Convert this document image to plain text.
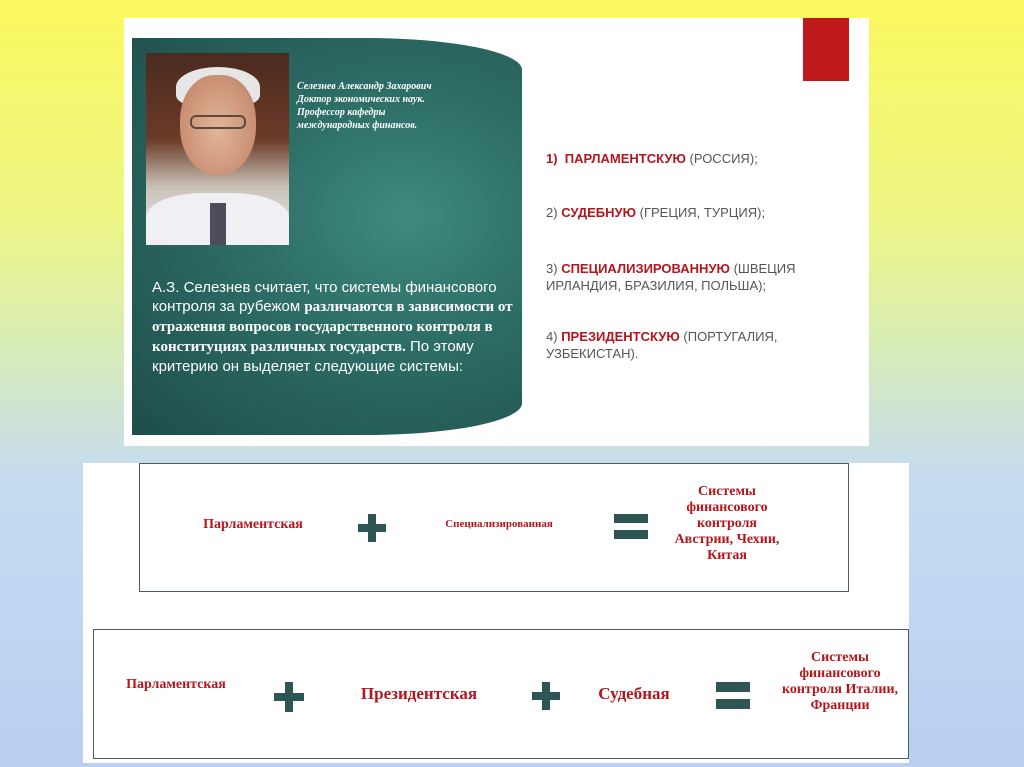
Селезнев Александр Захарович
Доктор экономических наук.
Профессор кафедры
международных финансов.
А.З. Селезнев считает, что системы финансового контроля за рубежом различаются в зависимости от отражения вопросов государственного контроля в конституциях различных государств. По этому критерию он выделяет следующие системы:
1) ПАРЛАМЕНТСКУЮ (РОССИЯ);
2) СУДЕБНУЮ (ГРЕЦИЯ, ТУРЦИЯ);
3) СПЕЦИАЛИЗИРОВАННУЮ (ШВЕЦИЯ ИРЛАНДИЯ, БРАЗИЛИЯ, ПОЛЬША);
4) ПРЕЗИДЕНТСКУЮ (ПОРТУГАЛИЯ, УЗБЕКИСТАН).
Парламентская	Специализированная
Системы финансового контроля Австрии, Чехии, Китая
Парламентская	Президентская	Судебная
Системы финансового контроля Италии, Франции
